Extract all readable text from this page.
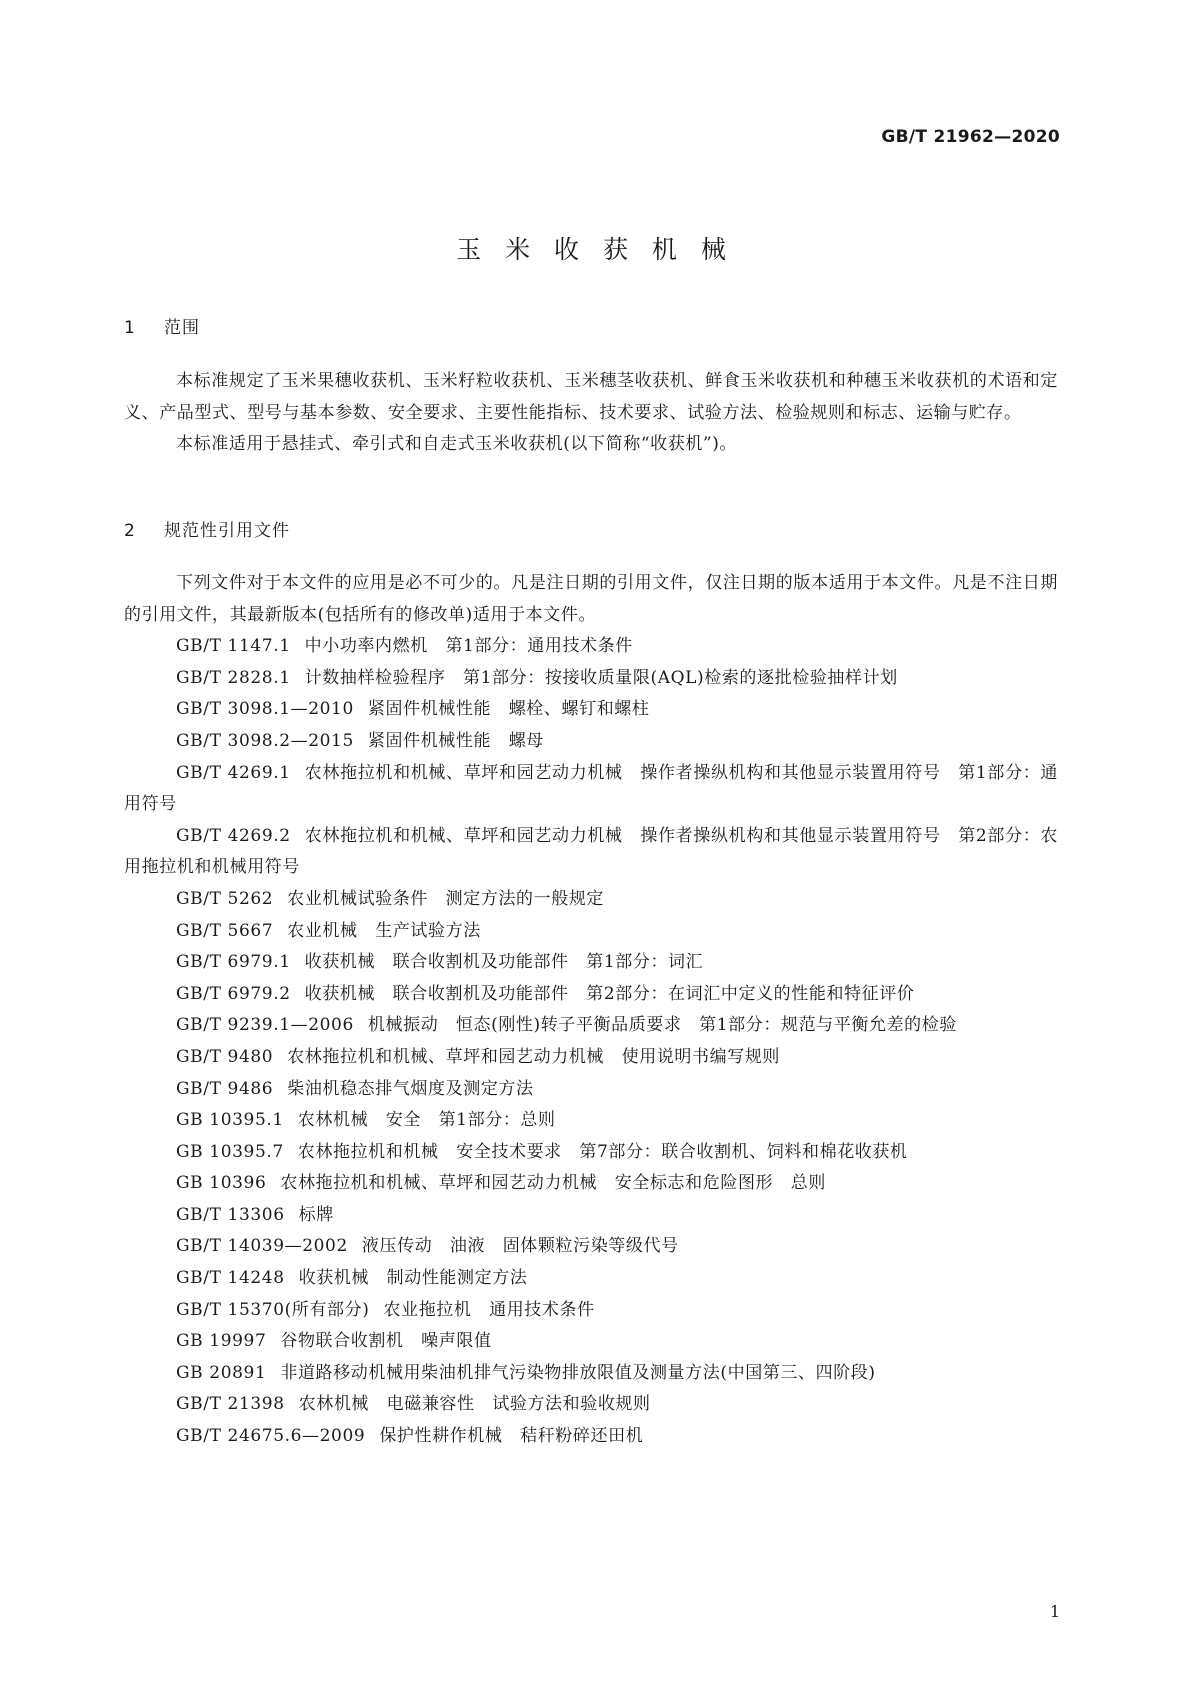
GB/T 21962—2020
玉 米 收 获 机 械
1 范围

本标准规定了玉米果穗收获机、玉米籽粒收获机、玉米穗茎收获机、鲜食玉米收获机和种穗玉米收获机的术语和定义、产品型式、型号与基本参数、安全要求、主要性能指标、技术要求、试验方法、检验规则和标志、运输与贮存。

本标准适用于悬挂式、牵引式和自走式玉米收获机(以下简称“收获机”)。

2 规范性引用文件

下列文件对于本文件的应用是必不可少的。凡是注日期的引用文件，仅注日期的版本适用于本文件。凡是不注日期的引用文件，其最新版本(包括所有的修改单)适用于本文件。

GB/T 1147.1 中小功率内燃机　第1部分：通用技术条件

GB/T 2828.1 计数抽样检验程序　第1部分：按接收质量限(AQL)检索的逐批检验抽样计划

GB/T 3098.1—2010 紧固件机械性能　螺栓、螺钉和螺柱

GB/T 3098.2—2015 紧固件机械性能　螺母

GB/T 4269.1 农林拖拉机和机械、草坪和园艺动力机械　操作者操纵机构和其他显示装置用符号　第1部分：通用符号

GB/T 4269.2 农林拖拉机和机械、草坪和园艺动力机械　操作者操纵机构和其他显示装置用符号　第2部分：农用拖拉机和机械用符号

GB/T 5262 农业机械试验条件　测定方法的一般规定

GB/T 5667 农业机械　生产试验方法

GB/T 6979.1 收获机械　联合收割机及功能部件　第1部分：词汇

GB/T 6979.2 收获机械　联合收割机及功能部件　第2部分：在词汇中定义的性能和特征评价

GB/T 9239.1—2006 机械振动　恒态(刚性)转子平衡品质要求　第1部分：规范与平衡允差的检验

GB/T 9480 农林拖拉机和机械、草坪和园艺动力机械　使用说明书编写规则

GB/T 9486 柴油机稳态排气烟度及测定方法

GB 10395.1 农林机械　安全　第1部分：总则

GB 10395.7 农林拖拉机和机械　安全技术要求　第7部分：联合收割机、饲料和棉花收获机

GB 10396 农林拖拉机和机械、草坪和园艺动力机械　安全标志和危险图形　总则

GB/T 13306 标牌

GB/T 14039—2002 液压传动　油液　固体颗粒污染等级代号

GB/T 14248 收获机械　制动性能测定方法

GB/T 15370(所有部分) 农业拖拉机　通用技术条件

GB 19997 谷物联合收割机　噪声限值

GB 20891 非道路移动机械用柴油机排气污染物排放限值及测量方法(中国第三、四阶段)

GB/T 21398 农林机械　电磁兼容性　试验方法和验收规则

GB/T 24675.6—2009 保护性耕作机械　秸秆粉碎还田机

1
